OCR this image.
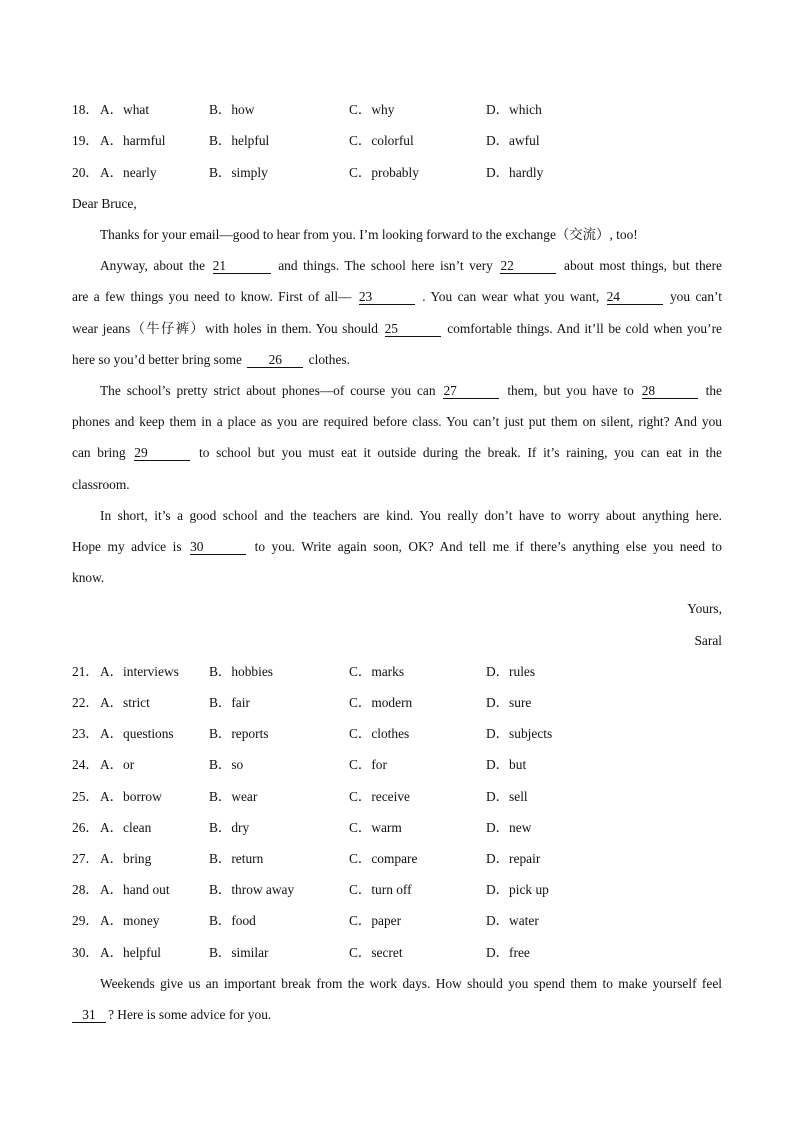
18． A．what	B．how	C．why	D．which
19． A．harmful	B．helpful	C．colorful	D．awful
20． A．nearly	B．simply	C．probably	D．hardly
Dear Bruce,
Thanks for your email—good to hear from you. I’m looking forward to the exchange（交流）, too!
Anyway, about the 21	and things. The school here isn’t very 22	about most things, but there
are a few things you need to know. First of all— 23	. You can wear what you want, 24	you can’t
wear jeans（牛仔裤）with holes in them. You should 25	comfortable things. And it’ll be cold when you’re
here so you’d better bring some 26 clothes.
The school’s pretty strict about phones—of course you can 27	them, but you have to 28	the
phones and keep them in a place as you are required before class. You can’t just put them on silent, right? And you
can bring 29	to school but you must eat it outside during the break. If it’s raining, you can eat in the
classroom.
In short, it’s a good school and the teachers are kind. You really don’t have to worry about anything here.
Hope my advice is 30	to you. Write again soon, OK? And tell me if there’s anything else you need to
know.
Yours,
Saral
21． A．interviews B．hobbies	C．marks	D．rules
22． A．strict	B．fair	C．modern	D．sure
23． A．questions	B．reports	C．clothes	D．subjects
24． A．or	B．so	C．for	D．but
25． A．borrow	B．wear	C．receive	D．sell
26． A．clean	B．dry	C．warm	D．new
27． A．bring	B．return	C．compare	D．repair
28． A．hand out	B．throw away	C．turn off	D．pick up
29． A．money	B．food	C．paper	D．water
30． A．helpful	B．similar	C．secret	D．free
Weekends give us an important break from the work days. How should you spend them to make yourself feel
31 ? Here is some advice for you.
